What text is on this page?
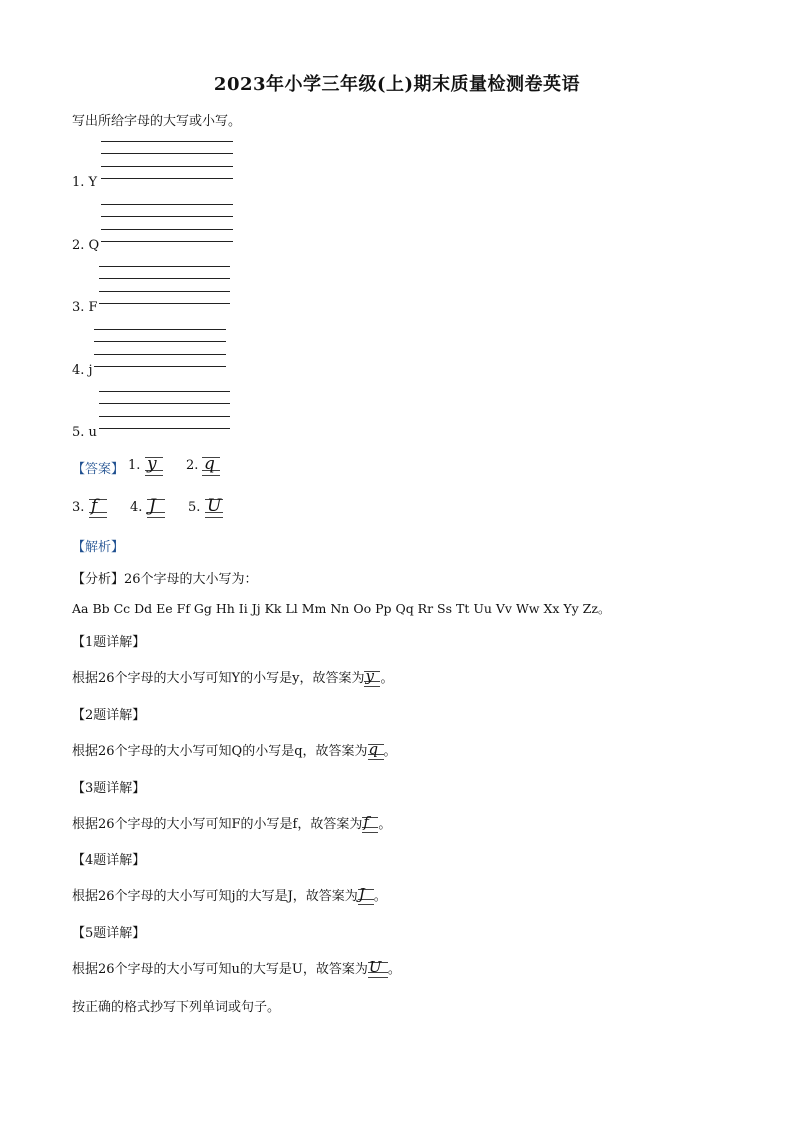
2023年小学三年级(上)期末质量检测卷英语
写出所给字母的大写或小写。
1. Y
2. Q
3. F
4. j
5. u
【答案】 1. y 2. q
3. f	4. J 5. U
【解析】
【分析】26个字母的大小写为：
Aa Bb Cc Dd Ee Ff Gg Hh Ii Jj Kk Ll Mm Nn Oo Pp Qq Rr Ss Tt Uu Vv Ww Xx Yy Zz。
【1题详解】
根据26个字母的大小写可知Y的小写是y，故答案为 y 。
【2题详解】
根据26个字母的大小写可知Q的小写是q，故答案为 q 。
【3题详解】
根据26个字母的大小写可知F的小写是f，故答案为 f 。
【4题详解】
根据26个字母的大小写可知j的大写是J，故答案为 J 。
【5题详解】
根据26个字母的大小写可知u的大写是U，故答案为 U 。
按正确的格式抄写下列单词或句子。
